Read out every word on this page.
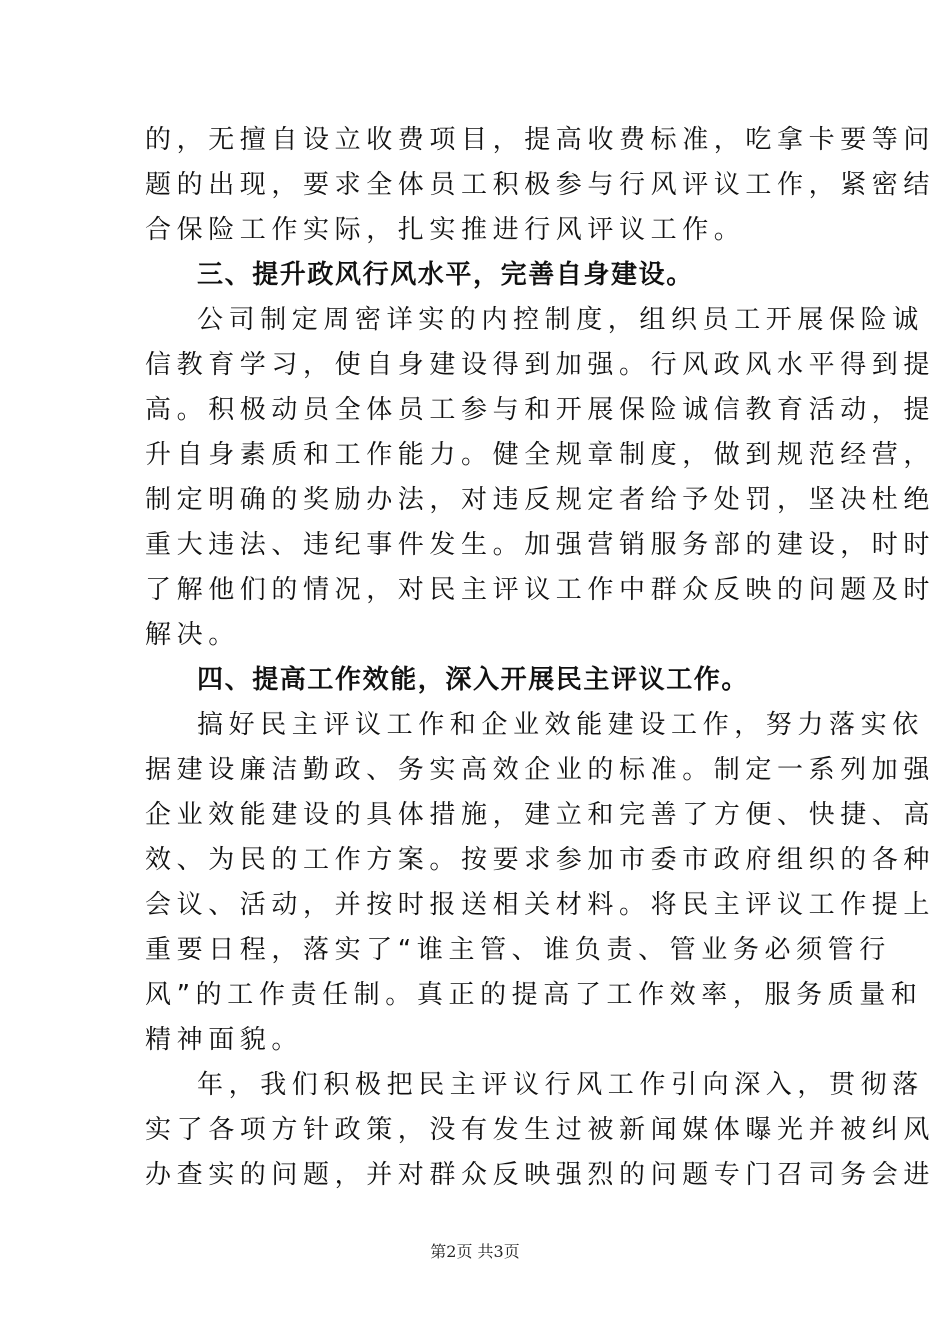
的，无擅自设立收费项目，提高收费标准，吃拿卡要等问
题的出现，要求全体员工积极参与行风评议工作，紧密结
合保险工作实际，扎实推进行风评议工作。
三、提升政风行风水平，完善自身建设。
公司制定周密详实的内控制度，组织员工开展保险诚
信教育学习，使自身建设得到加强。行风政风水平得到提
高。积极动员全体员工参与和开展保险诚信教育活动，提
升自身素质和工作能力。健全规章制度，做到规范经营，
制定明确的奖励办法，对违反规定者给予处罚，坚决杜绝
重大违法、违纪事件发生。加强营销服务部的建设，时时
了解他们的情况，对民主评议工作中群众反映的问题及时
解决。
四、提高工作效能，深入开展民主评议工作。
搞好民主评议工作和企业效能建设工作，努力落实依
据建设廉洁勤政、务实高效企业的标准。制定一系列加强
企业效能建设的具体措施，建立和完善了方便、快捷、高
效、为民的工作方案。按要求参加市委市政府组织的各种
会议、活动，并按时报送相关材料。将民主评议工作提上
重要日程，落实了“谁主管、谁负责、管业务必须管行
风”的工作责任制。真正的提高了工作效率，服务质量和
精神面貌。
年，我们积极把民主评议行风工作引向深入，贯彻落
实了各项方针政策，没有发生过被新闻媒体曝光并被纠风
办查实的问题，并对群众反映强烈的问题专门召司务会进
第2页 共3页
